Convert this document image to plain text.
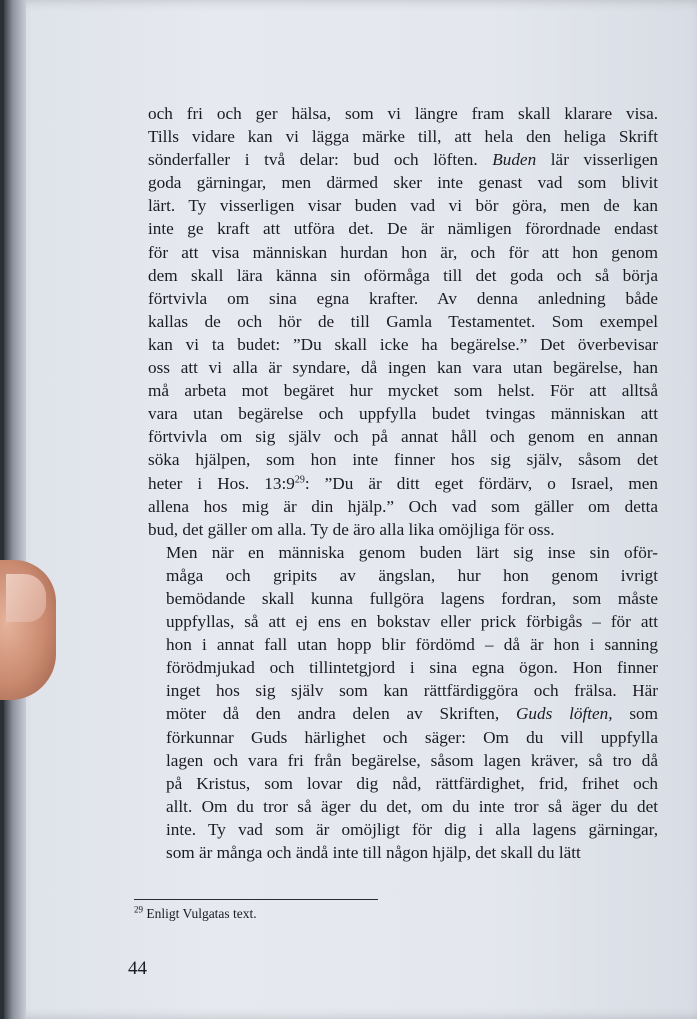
och fri och ger hälsa, som vi längre fram skall klarare visa.
Tills vidare kan vi lägga märke till, att hela den heliga Skrift
sönderfaller i två delar: bud och löften. Buden lär visserligen
goda gärningar, men därmed sker inte genast vad som blivit
lärt. Ty visserligen visar buden vad vi bör göra, men de kan
inte ge kraft att utföra det. De är nämligen förordnade endast
för att visa människan hurdan hon är, och för att hon genom
dem skall lära känna sin oförmåga till det goda och så börja
förtvivla om sina egna krafter. Av denna anledning både
kallas de och hör de till Gamla Testamentet. Som exempel
kan vi ta budet: ”Du skall icke ha begärelse.” Det överbevisar
oss att vi alla är syndare, då ingen kan vara utan begärelse, han
må arbeta mot begäret hur mycket som helst. För att alltså
vara utan begärelse och uppfylla budet tvingas människan att
förtvivla om sig själv och på annat håll och genom en annan
söka hjälpen, som hon inte finner hos sig själv, såsom det
heter i Hos. $13:9^{29}$: ”Du är ditt eget fördärv, o Israel, men
allena hos mig är din hjälp.” Och vad som gäller om detta
bud, det gäller om alla. Ty de äro alla lika omöjliga för oss.

Men när en människa genom buden lärt sig inse sin oför-
måga och gripits av ängslan, hur hon genom ivrigt
bemödande skall kunna fullgöra lagens fordran, som måste
uppfyllas, så att ej ens en bokstav eller prick förbigås – för att
hon i annat fall utan hopp blir fördömd – då är hon i sanning
förödmjukad och tillintetgjord i sina egna ögon. Hon finner
inget hos sig själv som kan rättfärdiggöra och frälsa. Här
möter då den andra delen av Skriften, Guds löften, som
förkunnar Guds härlighet och säger: Om du vill uppfylla
lagen och vara fri från begärelse, såsom lagen kräver, så tro då
på Kristus, som lovar dig nåd, rättfärdighet, frid, frihet och
allt. Om du tror så äger du det, om du inte tror så äger du det
inte. Ty vad som är omöjligt för dig i alla lagens gärningar,
som är många och ändå inte till någon hjälp, det skall du lätt

$^{29}$ Enligt Vulgatas text.
44
